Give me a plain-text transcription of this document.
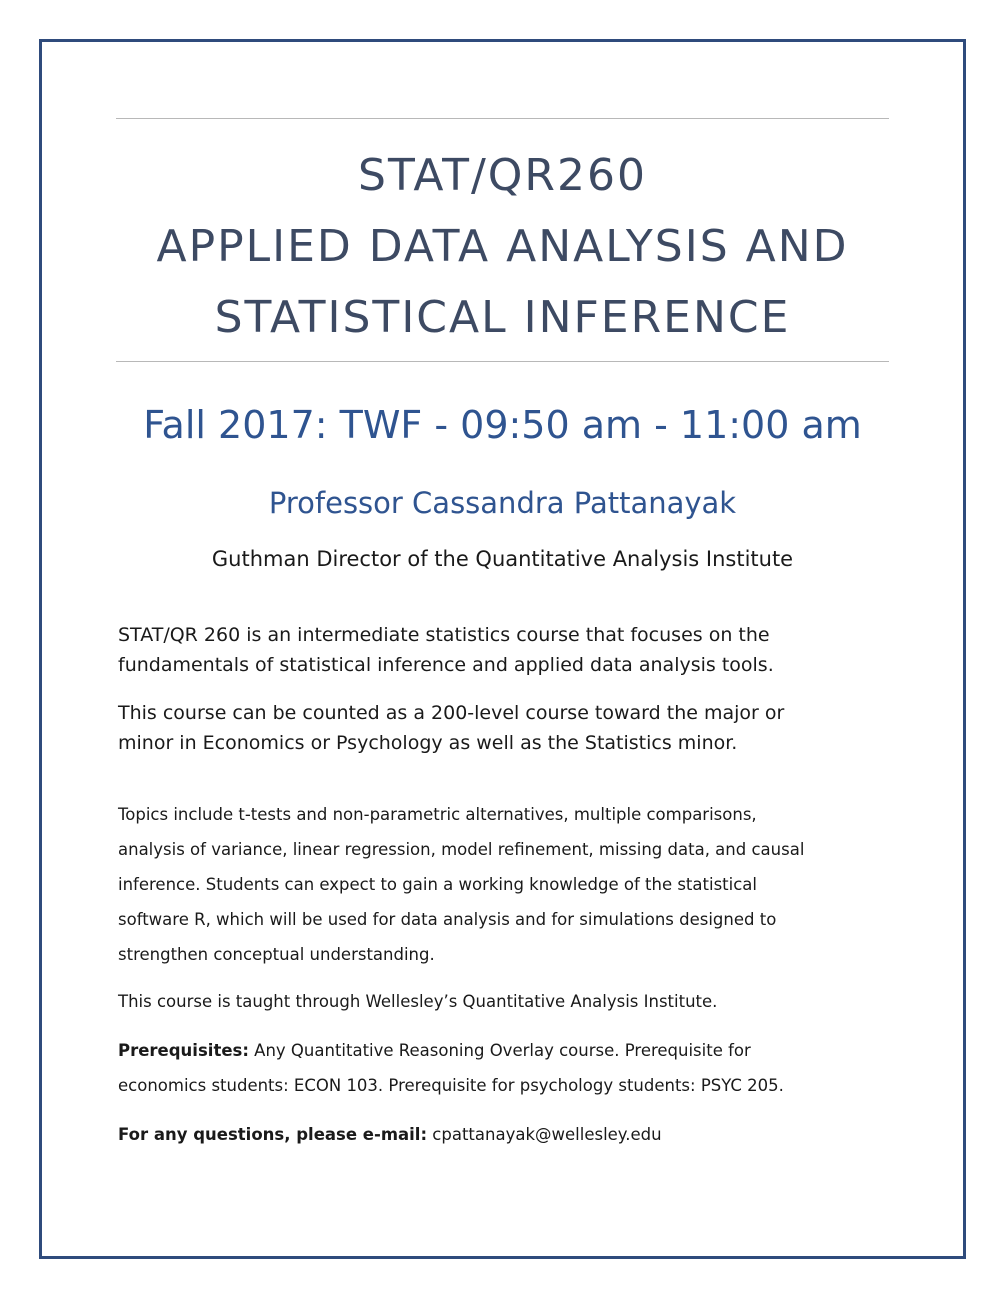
STAT/QR260
APPLIED DATA ANALYSIS AND
STATISTICAL INFERENCE
Fall 2017: TWF - 09:50 am - 11:00 am
Professor Cassandra Pattanayak
Guthman Director of the Quantitative Analysis Institute
STAT/QR 260 is an intermediate statistics course that focuses on the
fundamentals of statistical inference and applied data analysis tools.
This course can be counted as a 200-level course toward the major or
minor in Economics or Psychology as well as the Statistics minor.
Topics include t-tests and non-parametric alternatives, multiple comparisons,
analysis of variance, linear regression, model refinement, missing data, and causal
inference. Students can expect to gain a working knowledge of the statistical
software R, which will be used for data analysis and for simulations designed to
strengthen conceptual understanding.
This course is taught through Wellesley’s Quantitative Analysis Institute.
Prerequisites: Any Quantitative Reasoning Overlay course. Prerequisite for
economics students: ECON 103. Prerequisite for psychology students: PSYC 205.
For any questions, please e-mail: cpattanayak@wellesley.edu
